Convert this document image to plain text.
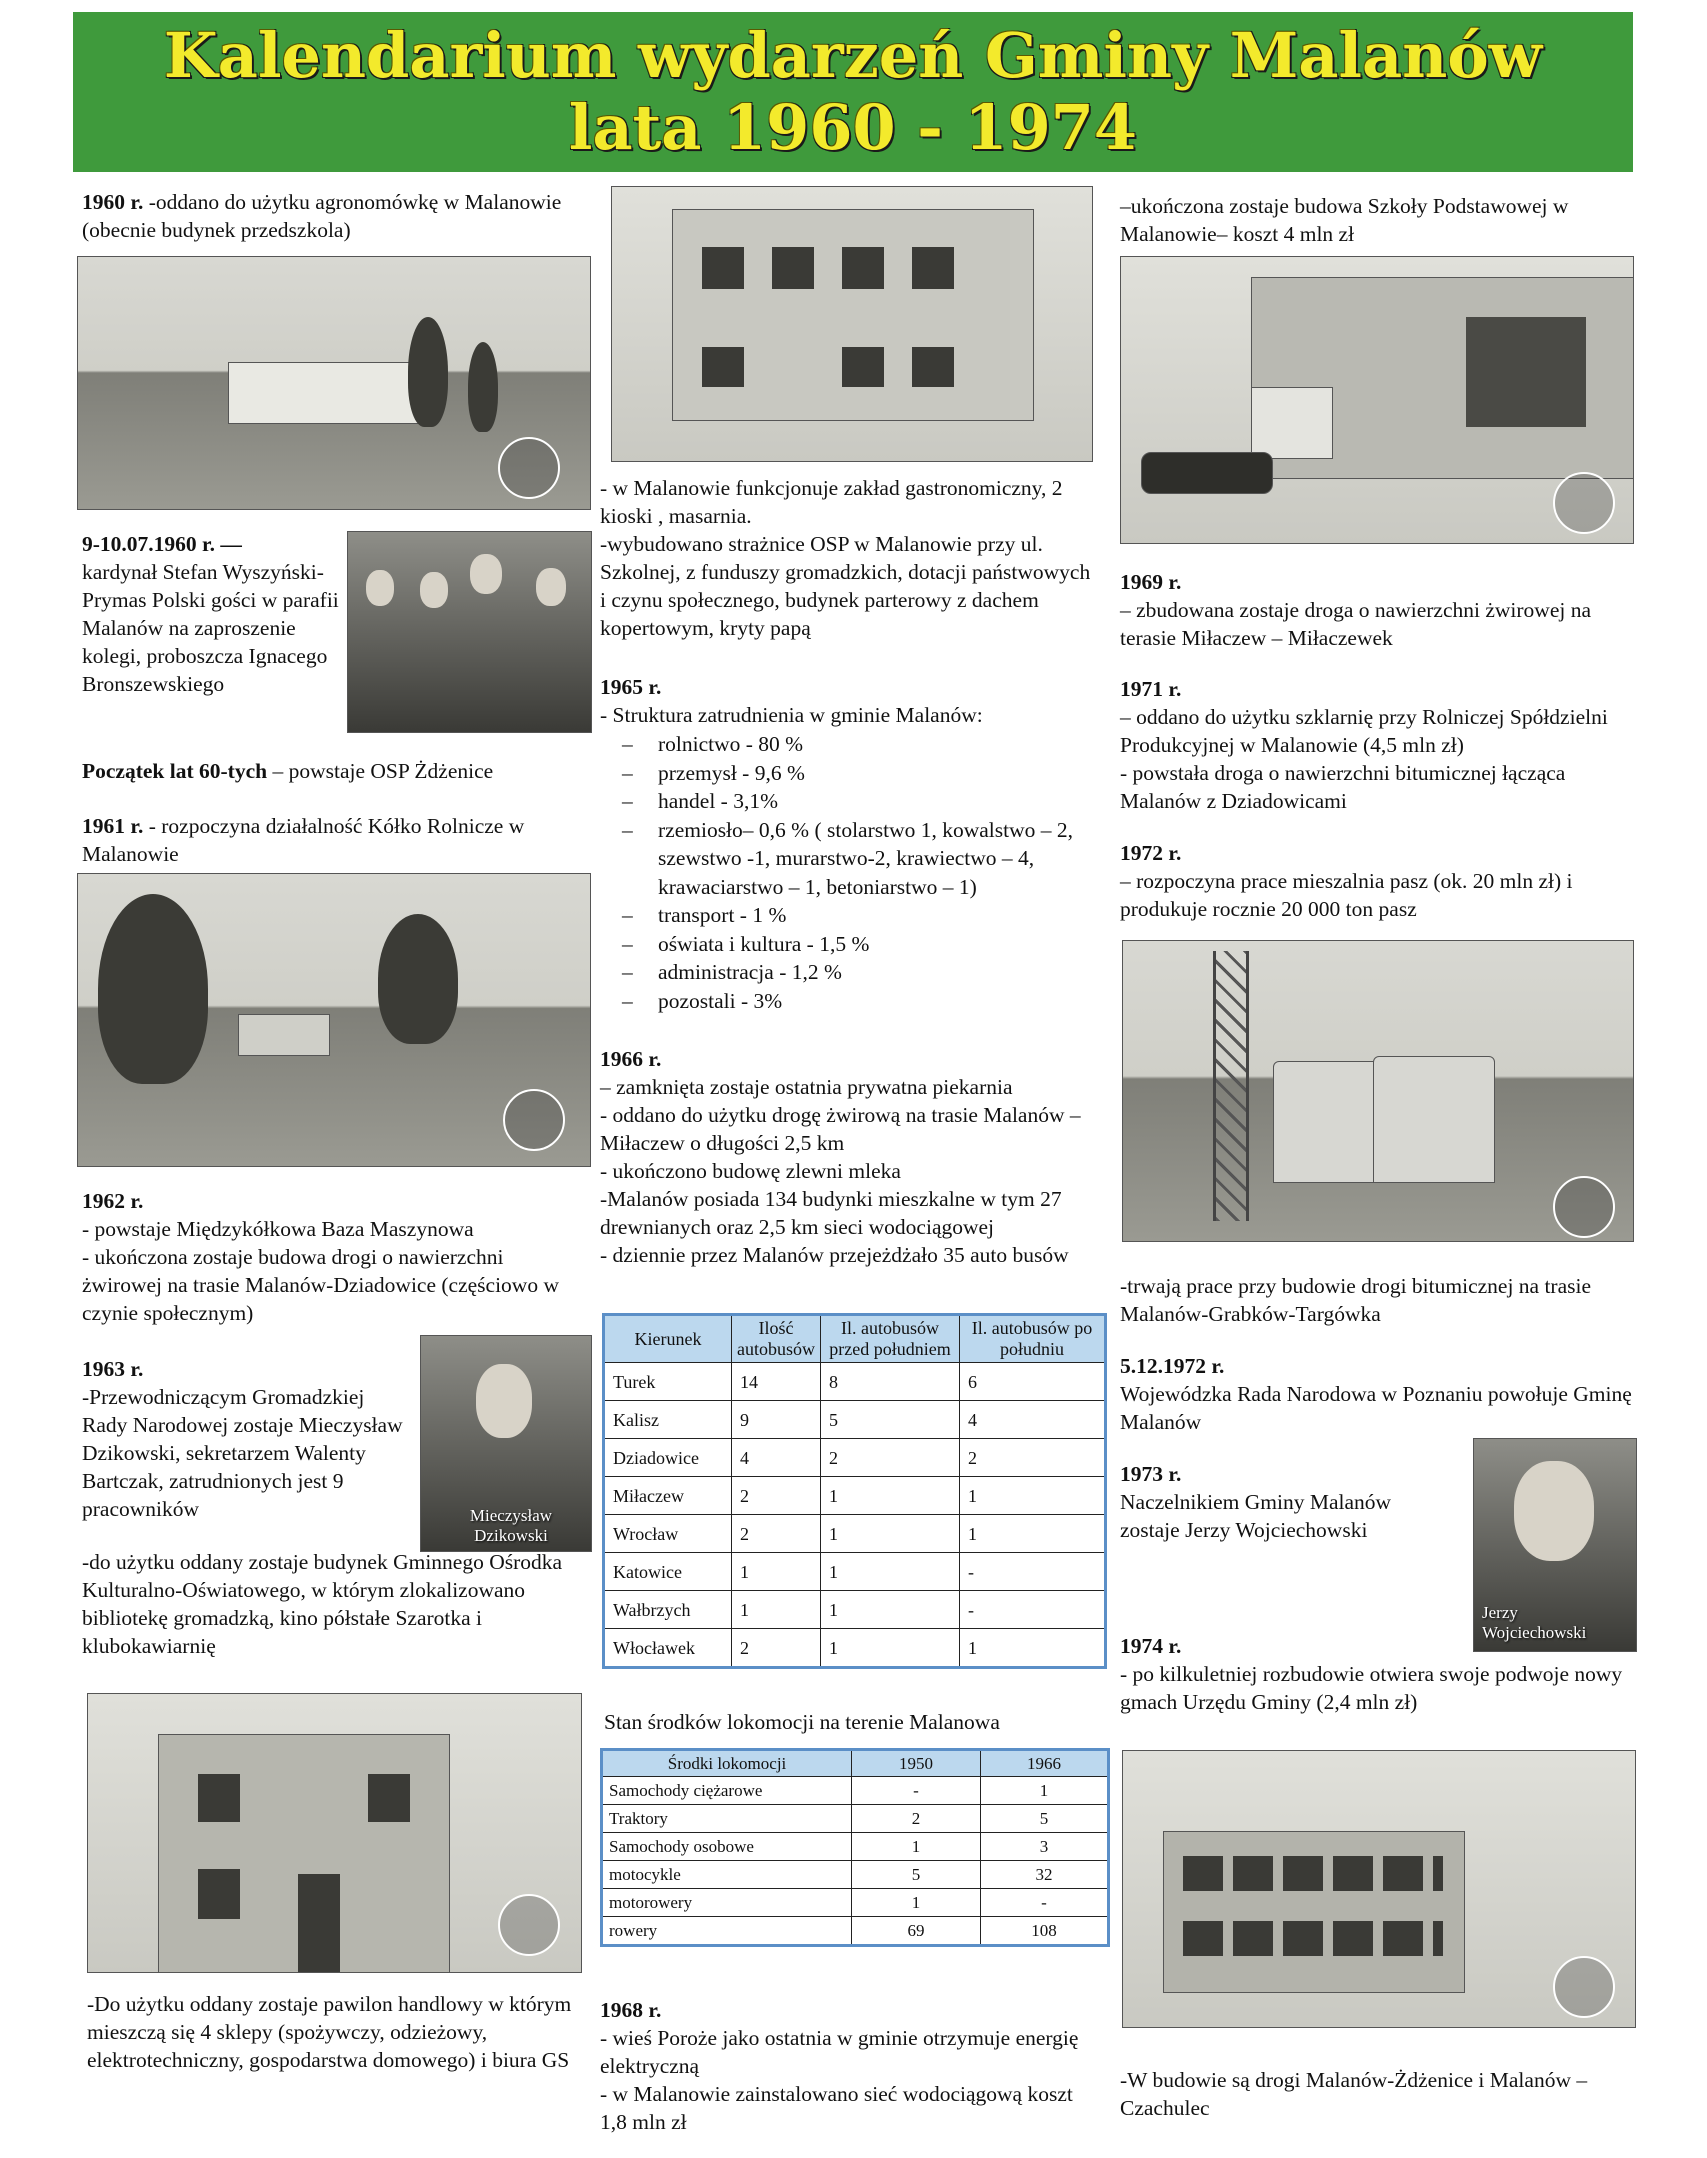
Kalendarium wydarzeń Gminy Malanów
lata 1960 - 1974
1960 r. -oddano do użytku agronomówkę w Malanowie (obecnie budynek przedszkola)
9-10.07.1960 r. —
kardynał Stefan Wyszyński-Prymas Polski gości w parafii Malanów na zaproszenie kolegi, proboszcza Ignacego Bronszewskiego
Początek lat 60-tych – powstaje OSP Żdżenice
1961 r. - rozpoczyna działalność Kółko Rolnicze w Malanowie
1962 r.
- powstaje Międzykółkowa Baza Maszynowa
- ukończona zostaje budowa drogi o nawierzchni żwirowej na trasie Malanów-Dziadowice (częściowo w czynie społecznym)
1963 r.
-Przewodniczącym Gromadzkiej Rady Narodowej zostaje Mieczysław Dzikowski, sekretarzem Walenty Bartczak, zatrudnionych jest 9 pracowników	Mieczysław
Dzikowski
-do użytku oddany zostaje budynek Gminnego Ośrodka Kulturalno-Oświatowego, w którym zlokalizowano bibliotekę gromadzką, kino półstałe Szarotka i klubokawiarnię
-Do użytku oddany zostaje pawilon handlowy w którym mieszczą się 4 sklepy (spożywczy, odzieżowy, elektrotechniczny, gospodarstwa domowego) i biura GS
- w Malanowie funkcjonuje zakład gastronomiczny, 2 kioski , masarnia.
-wybudowano strażnice OSP w Malanowie przy ul. Szkolnej, z funduszy gromadzkich, dotacji państwowych i czynu społecznego, budynek parterowy z dachem kopertowym, kryty papą
1965 r.
- Struktura zatrudnienia w gminie Malanów:
–	rolnictwo - 80 %
–	przemysł - 9,6 %
–	handel - 3,1%
–	rzemiosło– 0,6 % ( stolarstwo 1, kowalstwo – 2, szewstwo -1, murarstwo-2, krawiectwo – 4, krawaciarstwo – 1, betoniarstwo – 1)
–	transport - 1 %
–	oświata i kultura - 1,5 %
–	administracja - 1,2 %
–	pozostali - 3%
1966 r.
– zamknięta zostaje ostatnia prywatna piekarnia
- oddano do użytku drogę żwirową na trasie Malanów – Miłaczew o długości 2,5 km
- ukończono budowę zlewni mleka
-Malanów posiada 134 budynki mieszkalne w tym 27 drewnianych oraz 2,5 km sieci wodociągowej
- dziennie przez Malanów przejeżdżało 35 auto busów
Kierunek	Ilość autobusów	Il. autobusów przed południem	Il. autobusów po południu
Turek	14	8	6
Kalisz	9	5	4
Dziadowice	4	2	2
Miłaczew	2	1	1
Wrocław	2	1	1
Katowice	1	1	-
Wałbrzych	1	1	-
Włocławek	2	1	1
Stan środków lokomocji na terenie Malanowa
Środki lokomocji	1950	1966
Samochody ciężarowe	-	1
Traktory	2	5
Samochody osobowe	1	3
motocykle	5	32
motorowery	1	-
rowery	69	108
1968 r.
- wieś Poroże jako ostatnia w gminie otrzymuje energię elektryczną
- w Malanowie zainstalowano sieć wodociągową koszt 1,8 mln zł
–ukończona zostaje budowa Szkoły Podstawowej w Malanowie– koszt 4 mln zł
1969 r.
– zbudowana zostaje droga o nawierzchni żwirowej na terasie Miłaczew – Miłaczewek
1971 r.
– oddano do użytku szklarnię przy Rolniczej Spółdzielni Produkcyjnej w Malanowie (4,5 mln zł)
- powstała droga o nawierzchni bitumicznej łącząca Malanów z Dziadowicami
1972 r.
– rozpoczyna prace mieszalnia pasz (ok. 20 mln zł) i produkuje rocznie 20 000 ton pasz
-trwają prace przy budowie drogi bitumicznej na trasie Malanów-Grabków-Targówka
5.12.1972 r.
Wojewódzka Rada Narodowa w Poznaniu powołuje Gminę Malanów
1973 r.
Naczelnikiem Gminy Malanów zostaje Jerzy Wojciechowski
Jerzy
Wojciechowski
1974 r.
- po kilkuletniej rozbudowie otwiera swoje podwoje nowy gmach Urzędu Gminy (2,4 mln zł)
-W budowie są drogi Malanów-Żdżenice i Malanów – Czachulec
